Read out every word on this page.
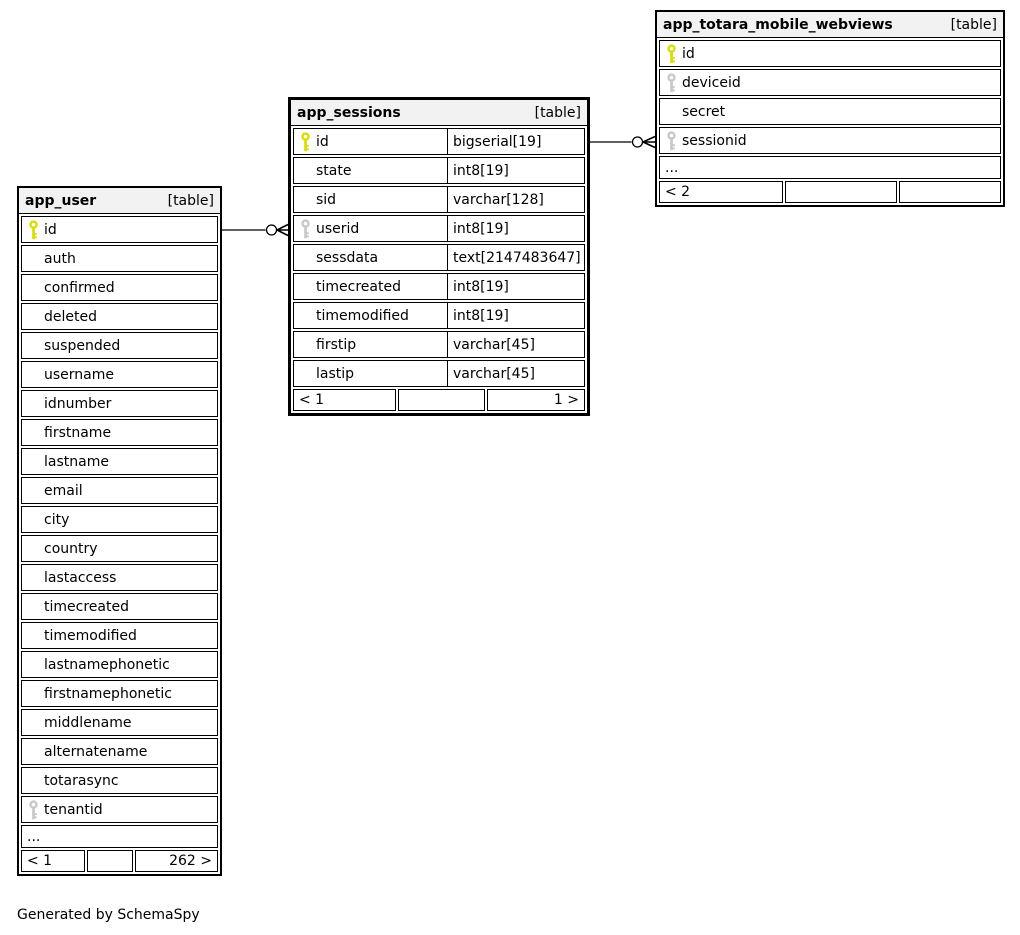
app_user	[table]
id
auth
confirmed
deleted
suspended
username
idnumber
firstname
lastname
email
city
country
lastaccess
timecreated
timemodified
lastnamephonetic
firstnamephonetic
middlename
alternatename
totarasync
tenantid
...
< 1	262 >
app_sessions	[table]
id	bigserial[19]
state	int8[19]
sid	varchar[128]
userid	int8[19]
sessdata	text[2147483647]
timecreated	int8[19]
timemodified	int8[19]
firstip	varchar[45]
lastip	varchar[45]
< 1	1 >
app_totara_mobile_webviews	[table]
id
deviceid
secret
sessionid
...
< 2
Generated by SchemaSpy
